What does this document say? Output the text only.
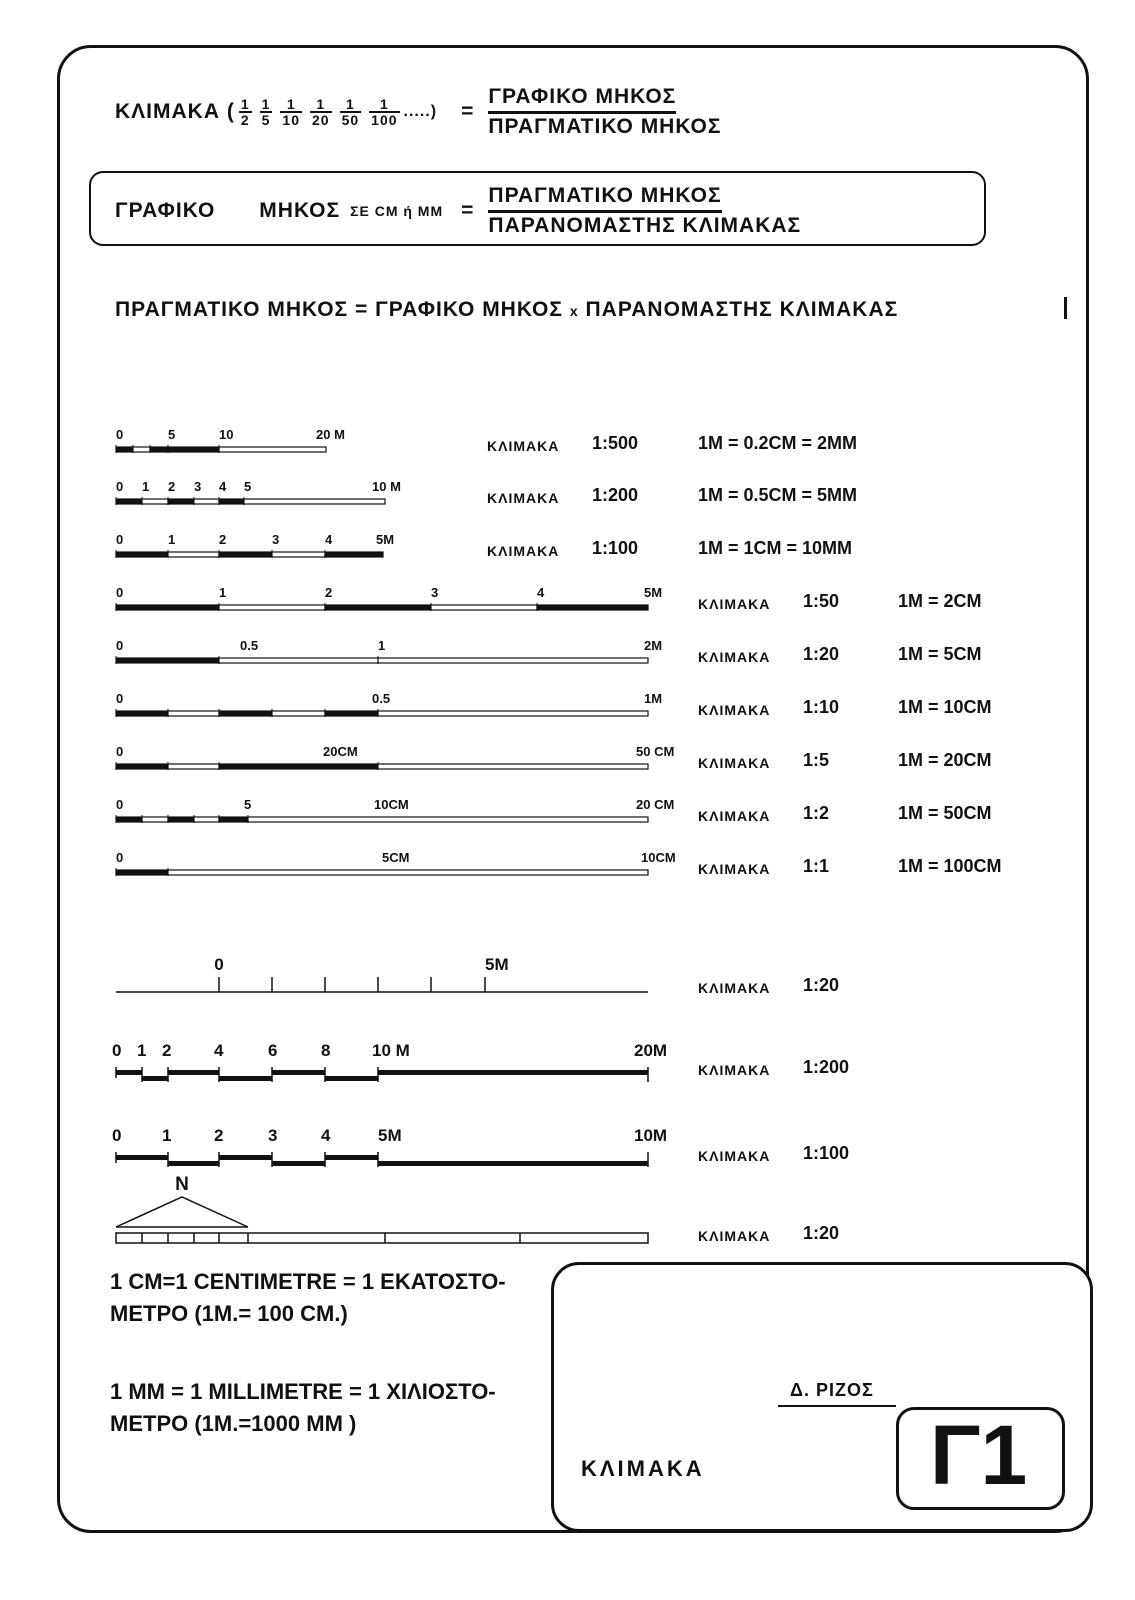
ΚΛΙΜΑΚΑ ( $\frac{1}{2} \frac{1}{5} \frac{1}{10} \frac{1}{20} \frac{1}{50} \frac{1}{100}$ .....) =
ΓΡΑΦΙΚΟ ΜΗΚΟΣ
ΠΡΑΓΜΑΤΙΚΟ ΜΗΚΟΣ
ΓΡΑΦΙΚΟ ΜΗΚΟΣ ΣΕ CM ή MM =
ΠΡΑΓΜΑΤΙΚΟ ΜΗΚΟΣ
ΠΑΡΑΝΟΜΑΣΤΗΣ ΚΛΙΜΑΚΑΣ
ΠΡΑΓΜΑΤΙΚΟ ΜΗΚΟΣ = ΓΡΑΦΙΚΟ ΜΗΚΟΣ x ΠΑΡΑΝΟΜΑΣΤΗΣ ΚΛΙΜΑΚΑΣ
0	5	10	20 M
0 1 2 3 4 5	10 M
0	1	2	3	4	5M
0	1	2	3	4	5M
0	0.5	1	2M
0	0.5	1M
0	20CM	50 CM
0	5	10CM	20 CM
0	5CM	10CM
0	5M
0 1 2	4	6	8 10 M	20M
0 1	2	3	4	5M	10M
N
ΚΛΙΜΑΚΑ 1:500	1M = 0.2CM = 2MM
ΚΛΙΜΑΚΑ 1:200	1M = 0.5CM = 5MM
ΚΛΙΜΑΚΑ 1:100	1M = 1CM = 10MM
ΚΛΙΜΑΚΑ 1:50	1M = 2CM
ΚΛΙΜΑΚΑ 1:20	1M = 5CM
ΚΛΙΜΑΚΑ 1:10	1M = 10CM
ΚΛΙΜΑΚΑ 1:5	1M = 20CM
ΚΛΙΜΑΚΑ 1:2	1M = 50CM
ΚΛΙΜΑΚΑ 1:1	1M = 100CM
ΚΛΙΜΑΚΑ 1:20
ΚΛΙΜΑΚΑ 1:200
ΚΛΙΜΑΚΑ 1:100
ΚΛΙΜΑΚΑ 1:20
1 CM=1 CENTIMETRE = 1 ΕΚΑΤΟΣΤΟ-
ΜΕΤΡΟ (1M.= 100 CM.)
1 MM = 1 MILLIMETRE = 1 ΧΙΛΙΟΣΤΟ-
ΜΕΤΡΟ (1M.=1000 MM )
Δ. ΡΙΖΟΣ
ΚΛΙΜΑΚΑ	Γ1
